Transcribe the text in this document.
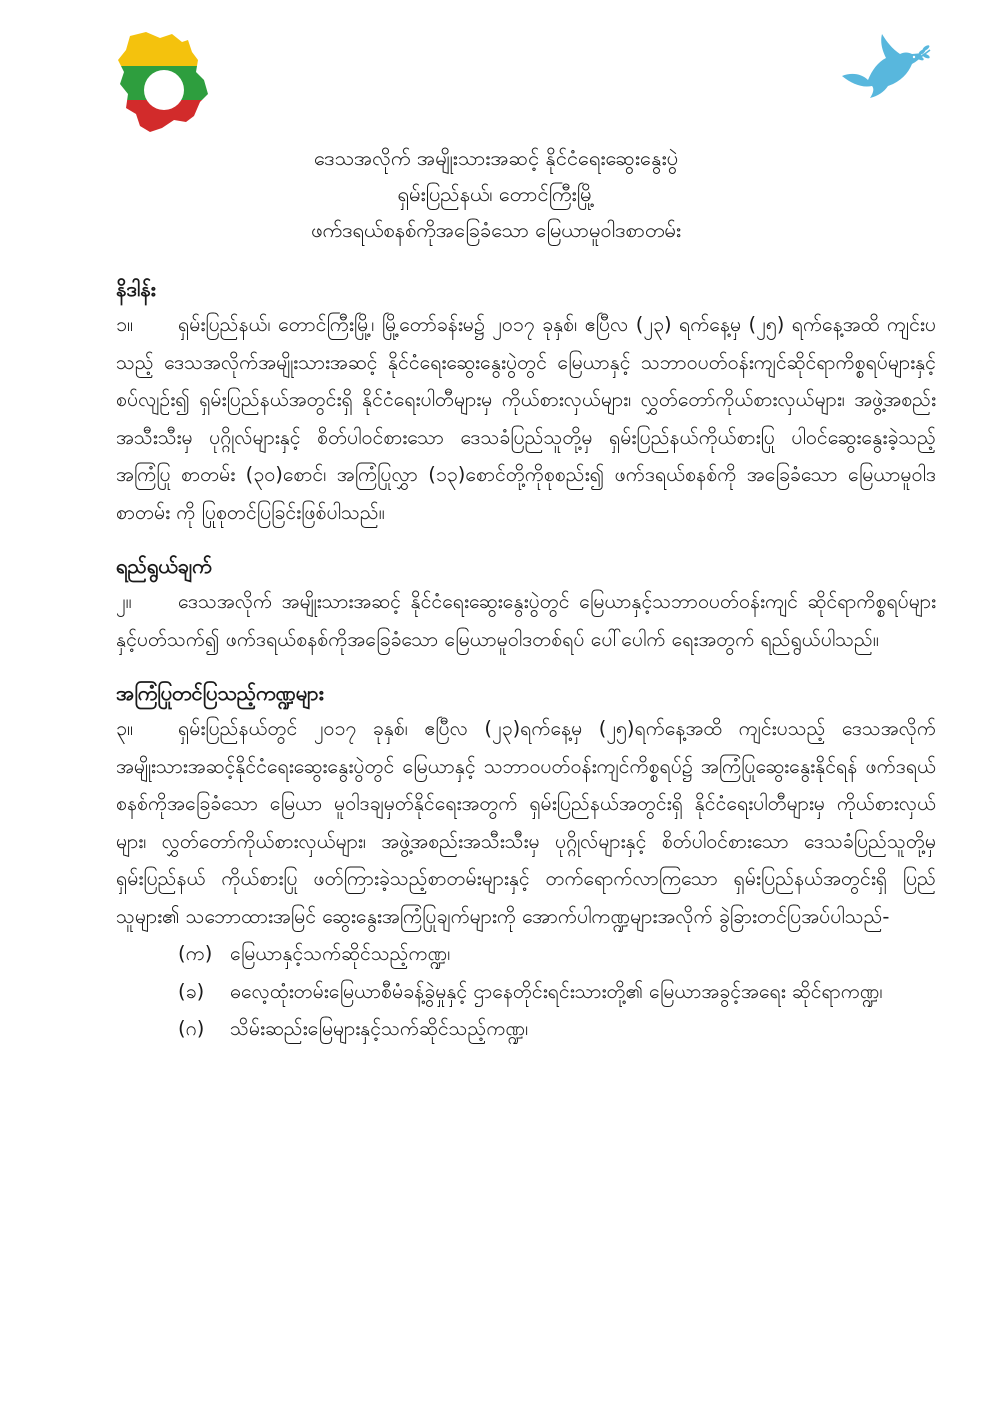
ဒေသအလိုက် အမျိုးသားအဆင့် နိုင်ငံရေးဆွေးနွေးပွဲ
ရှမ်းပြည်နယ်၊ တောင်ကြီးမြို့
ဖက်ဒရယ်စနစ်ကိုအခြေခံသော မြေယာမူဝါဒစာတမ်း
နိဒါန်း

၁။ ရှမ်းပြည်နယ်၊ တောင်ကြီးမြို့၊ မြို့တော်ခန်းမ၌ ၂၀၁၇ ခုနှစ်၊ ဧပြီလ (၂၃) ရက်နေ့မှ (၂၅) ရက်နေ့အထိ ကျင်းပသည့် ဒေသအလိုက်အမျိုးသားအဆင့် နိုင်ငံရေးဆွေးနွေးပွဲတွင် မြေယာနှင့် သဘာဝပတ်ဝန်းကျင်ဆိုင်ရာကိစ္စရပ်များနှင့်စပ်လျဉ်း၍ ရှမ်းပြည်နယ်အတွင်းရှိ နိုင်ငံရေးပါတီများမှ ကိုယ်စားလှယ်များ၊ လွှတ်တော်ကိုယ်စားလှယ်များ၊ အဖွဲ့အစည်းအသီးသီးမှ ပုဂ္ဂိုလ်များနှင့် စိတ်ပါဝင်စားသော ဒေသခံပြည်သူတို့မှ ရှမ်းပြည်နယ်ကိုယ်စားပြု ပါဝင်ဆွေးနွေးခဲ့သည့် အကြံပြု စာတမ်း (၃၀)စောင်၊ အကြံပြုလွှာ (၁၃)စောင်တို့ကိုစုစည်း၍ ဖက်ဒရယ်စနစ်ကို အခြေခံသော မြေယာမူဝါဒစာတမ်း ကို ပြုစုတင်ပြခြင်းဖြစ်ပါသည်။

ရည်ရွယ်ချက်

၂။ ဒေသအလိုက် အမျိုးသားအဆင့် နိုင်ငံရေးဆွေးနွေးပွဲတွင် မြေယာနှင့်သဘာဝပတ်ဝန်းကျင် ဆိုင်ရာကိစ္စရပ်များနှင့်ပတ်သက်၍ ဖက်ဒရယ်စနစ်ကိုအခြေခံသော မြေယာမူဝါဒတစ်ရပ် ပေါ်ပေါက် ရေးအတွက် ရည်ရွယ်ပါသည်။

အကြံပြုတင်ပြသည့်ကဏ္ဍများ

၃။ ရှမ်းပြည်နယ်တွင် ၂၀၁၇ ခုနှစ်၊ ဧပြီလ (၂၃)ရက်နေ့မှ (၂၅)ရက်နေ့အထိ ကျင်းပသည့် ဒေသအလိုက် အမျိုးသားအဆင့်နိုင်ငံရေးဆွေးနွေးပွဲတွင် မြေယာနှင့် သဘာဝပတ်ဝန်းကျင်ကိစ္စရပ်၌ အကြံပြုဆွေးနွေးနိုင်ရန် ဖက်ဒရယ်စနစ်ကိုအခြေခံသော မြေယာ မူဝါဒချမှတ်နိုင်ရေးအတွက် ရှမ်းပြည်နယ်အတွင်းရှိ နိုင်ငံရေးပါတီများမှ ကိုယ်စားလှယ်များ၊ လွှတ်တော်ကိုယ်စားလှယ်များ၊ အဖွဲ့အစည်းအသီးသီးမှ ပုဂ္ဂိုလ်များနှင့် စိတ်ပါဝင်စားသော ဒေသခံပြည်သူတို့မှ ရှမ်းပြည်နယ် ကိုယ်စားပြု ဖတ်ကြားခဲ့သည့်စာတမ်းများနှင့် တက်ရောက်လာကြသော ရှမ်းပြည်နယ်အတွင်းရှိ ပြည်သူများ၏ သဘောထားအမြင် ဆွေးနွေးအကြံပြုချက်များကို အောက်ပါကဏ္ဍများအလိုက် ခွဲခြားတင်ပြအပ်ပါသည်-

(က) မြေယာနှင့်သက်ဆိုင်သည့်ကဏ္ဍ၊
(ခ)	ဓလေ့ထုံးတမ်းမြေယာစီမံခန့်ခွဲမှုနှင့် ဌာနေတိုင်းရင်းသားတို့၏ မြေယာအခွင့်အရေး ဆိုင်ရာကဏ္ဍ၊
(ဂ)	သိမ်းဆည်းမြေများနှင့်သက်ဆိုင်သည့်ကဏ္ဍ၊
